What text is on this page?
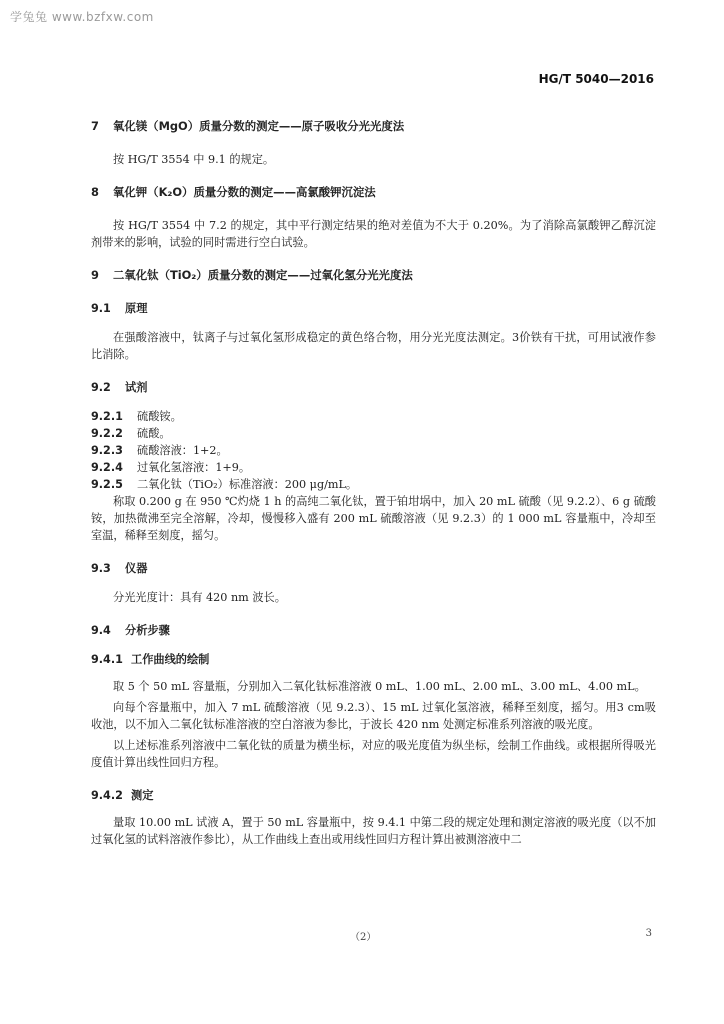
学兔兔 www.bzfxw.com
HG/T 5040—2016
7 氧化镁（MgO）质量分数的测定——原子吸收分光光度法
按 HG/T 3554 中 9.1 的规定。
8 氧化钾（K₂O）质量分数的测定——高氯酸钾沉淀法
按 HG/T 3554 中 7.2 的规定，其中平行测定结果的绝对差值为不大于 0.20%。为了消除高氯酸钾乙醇沉淀剂带来的影响，试验的同时需进行空白试验。
9 二氧化钛（TiO₂）质量分数的测定——过氧化氢分光光度法
9.1 原理
在强酸溶液中，钛离子与过氧化氢形成稳定的黄色络合物，用分光光度法测定。3价铁有干扰，可用试液作参比消除。
9.2 试剂
9.2.1 硫酸铵。
9.2.2 硫酸。
9.2.3 硫酸溶液：1+2。
9.2.4 过氧化氢溶液：1+9。
9.2.5 二氧化钛（TiO₂）标准溶液：200 μg/mL。
称取 0.200 g 在 950 ℃灼烧 1 h 的高纯二氧化钛，置于铂坩埚中，加入 20 mL 硫酸（见 9.2.2）、6 g 硫酸铵，加热微沸至完全溶解，冷却，慢慢移入盛有 200 mL 硫酸溶液（见 9.2.3）的 1 000 mL 容量瓶中，冷却至室温，稀释至刻度，摇匀。
9.3 仪器
分光光度计：具有 420 nm 波长。
9.4 分析步骤
9.4.1 工作曲线的绘制
取 5 个 50 mL 容量瓶，分别加入二氧化钛标准溶液 0 mL、1.00 mL、2.00 mL、3.00 mL、4.00 mL。
向每个容量瓶中，加入 7 mL 硫酸溶液（见 9.2.3）、15 mL 过氧化氢溶液，稀释至刻度，摇匀。用3 cm吸收池，以不加入二氧化钛标准溶液的空白溶液为参比，于波长 420 nm 处测定标准系列溶液的吸光度。
以上述标准系列溶液中二氧化钛的质量为横坐标，对应的吸光度值为纵坐标，绘制工作曲线。或根据所得吸光度值计算出线性回归方程。
9.4.2 测定
量取 10.00 mL 试液 A，置于 50 mL 容量瓶中，按 9.4.1 中第二段的规定处理和测定溶液的吸光度（以不加过氧化氢的试料溶液作参比），从工作曲线上查出或用线性回归方程计算出被测溶液中二
（2）	3
